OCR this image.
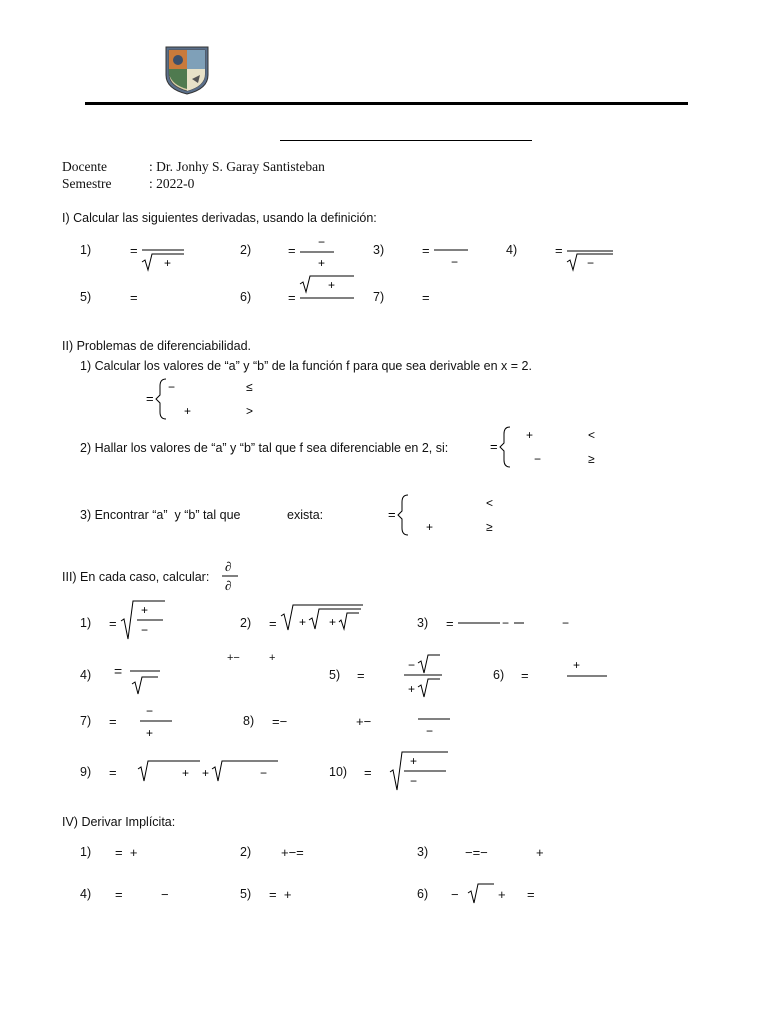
Docente	: Dr. Jonhy S. Garay Santisteban
Semestre	: 2022-0
I) Calcular las siguientes derivadas, usando la definición:
1)	=
+
2)	=
−
+
3)	=
−
4)	=
−
5)	=	6)	=
+
7)	=
II) Problemas de diferenciabilidad.
1) Calcular los valores de “a” y “b” de la función f para que sea derivable en x = 2.
=
−	≤
+	>
2) Hallar los valores de “a” y “b” tal que f sea diferenciable en 2, si:	=
+	<
−	≥
3) Encontrar “a”  y “b” tal que	exista:	=
<
+	≥
III) En cada caso, calcular:
∂
∂
1) =
+
−	2) = + +	3) =	−	−
+−	+
4) =	5) =
−
+
6) =
+
7) =
−
+
8) =−	+−
−
9) =	+ +	−	10) =
+
−
IV) Derivar Implícita:
1) =  +	2) +−=	3)	−=−	+
4) =	−	5) =  +	6) −	+ =
